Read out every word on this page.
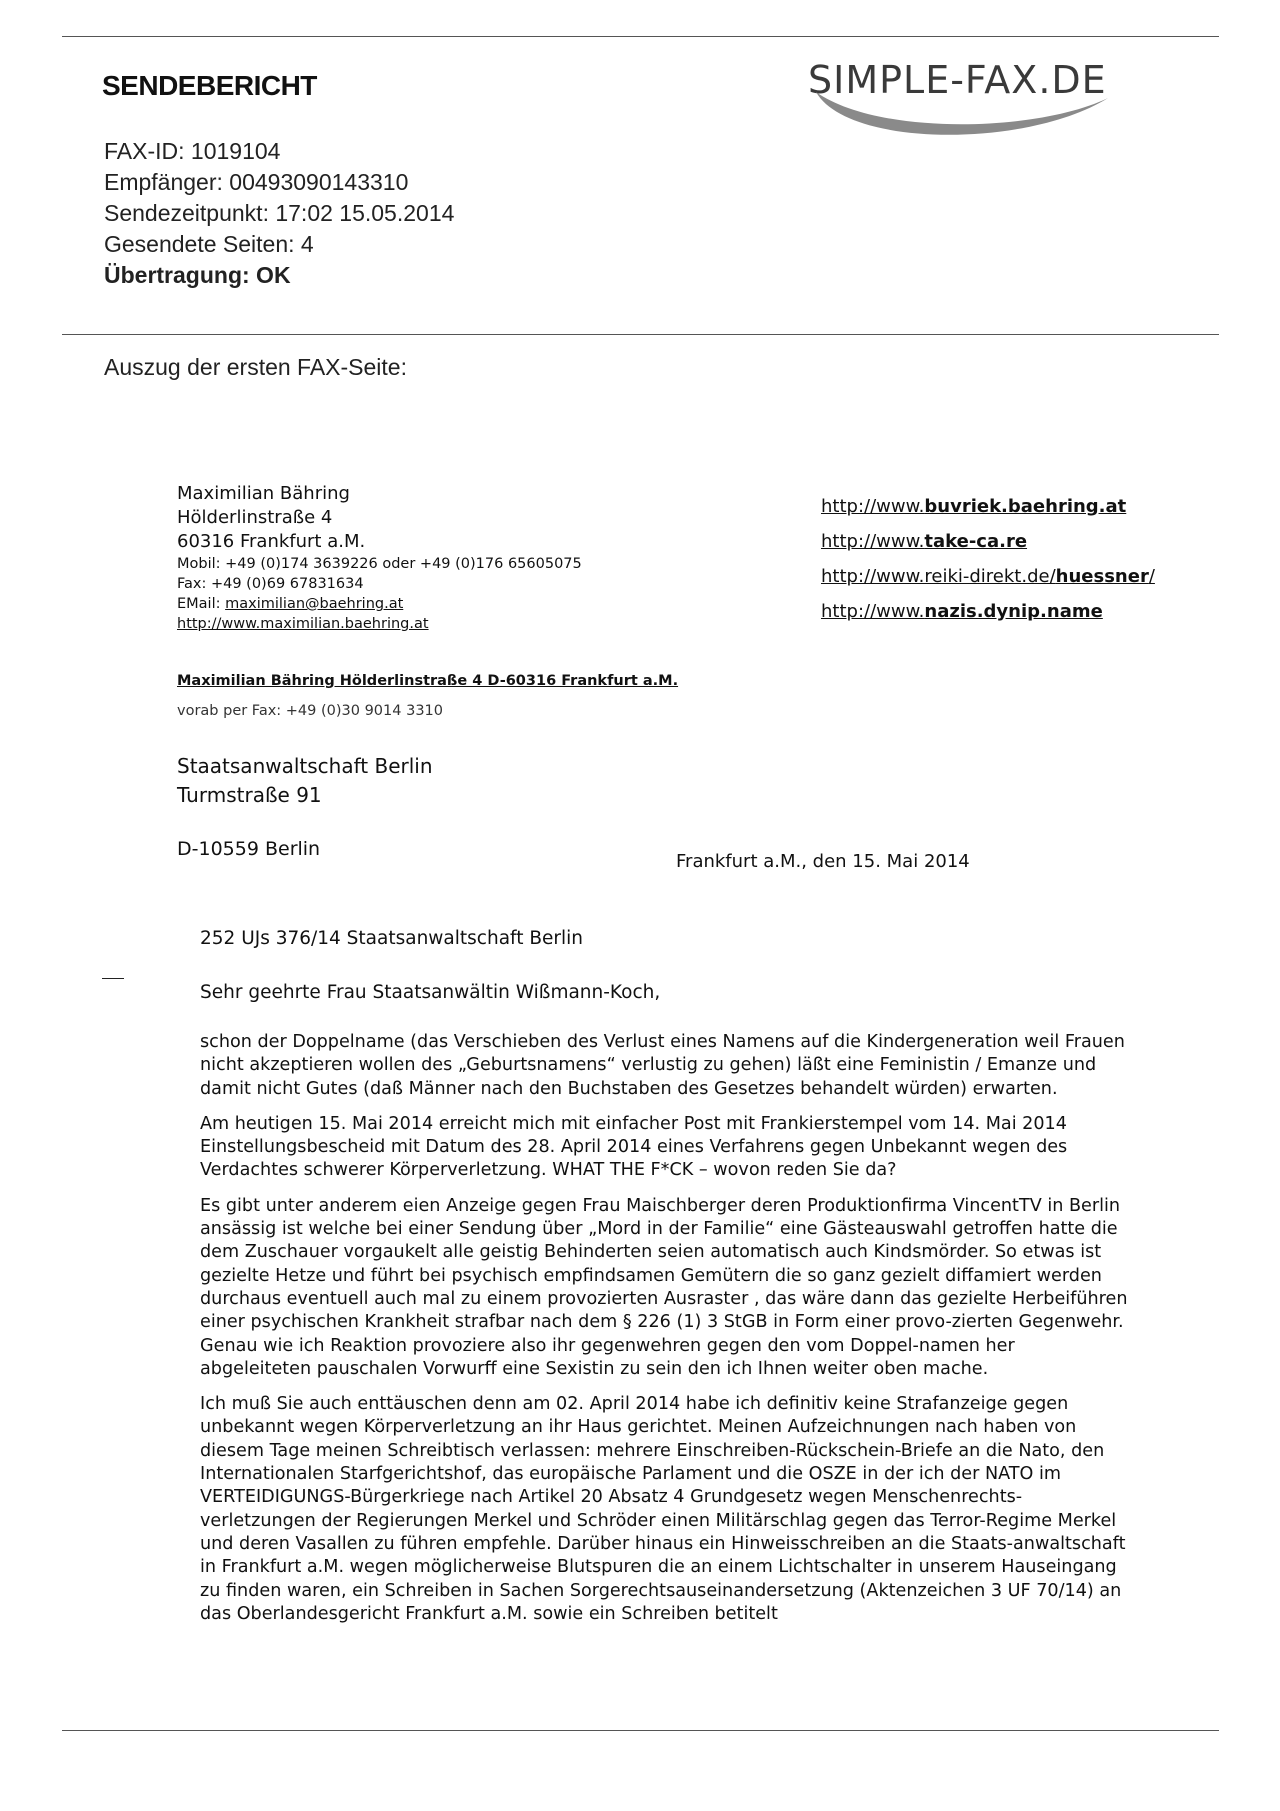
SENDEBERICHT	SIMPLE-FAX.DE
FAX-ID: 1019104
Empfänger: 00493090143310
Sendezeitpunkt: 17:02 15.05.2014
Gesendete Seiten: 4
Übertragung: OK
Auszug der ersten FAX-Seite:
Maximilian Bähring
Hölderlinstraße 4
60316 Frankfurt a.M.
Mobil: +49 (0)174 3639226 oder +49 (0)176 65605075
Fax: +49 (0)69 67831634
EMail: maximilian@baehring.at
http://www.maximilian.baehring.at
http://www.buvriek.baehring.at
http://www.take-ca.re
http://www.reiki-direkt.de/huessner/
http://www.nazis.dynip.name
Maximilian Bähring Hölderlinstraße 4 D-60316 Frankfurt a.M.
vorab per Fax: +49 (0)30 9014 3310
Staatsanwaltschaft Berlin
Turmstraße 91
D-10559 Berlin
Frankfurt a.M., den 15. Mai 2014
252 UJs 376/14 Staatsanwaltschaft Berlin
Sehr geehrte Frau Staatsanwältin Wißmann-Koch,

schon der Doppelname (das Verschieben des Verlust eines Namens auf die Kindergeneration weil Frauen nicht akzeptieren wollen des „Geburtsnamens“ verlustig zu gehen) läßt eine Feministin / Emanze und damit nicht Gutes (daß Männer nach den Buchstaben des Gesetzes behandelt würden) erwarten.

Am heutigen 15. Mai 2014 erreicht mich mit einfacher Post mit Frankierstempel vom 14. Mai 2014 Einstellungsbescheid mit Datum des 28. April 2014 eines Verfahrens gegen Unbekannt wegen des Verdachtes schwerer Körperverletzung. WHAT THE F*CK – wovon reden Sie da?

Es gibt unter anderem eien Anzeige gegen Frau Maischberger deren Produktionfirma VincentTV in Berlin ansässig ist welche bei einer Sendung über „Mord in der Familie“ eine Gästeauswahl getroffen hatte die dem Zuschauer vorgaukelt alle geistig Behinderten seien automatisch auch Kindsmörder. So etwas ist gezielte Hetze und führt bei psychisch empfindsamen Gemütern die so ganz gezielt diffamiert werden durchaus eventuell auch mal zu einem provozierten Ausraster , das wäre dann das gezielte Herbeiführen einer psychischen Krankheit strafbar nach dem § 226 (1) 3 StGB in Form einer provo-zierten Gegenwehr. Genau wie ich Reaktion provoziere also ihr gegenwehren gegen den vom Doppel-namen her abgeleiteten pauschalen Vorwurff eine Sexistin zu sein den ich Ihnen weiter oben mache.

Ich muß Sie auch enttäuschen denn am 02. April 2014 habe ich definitiv keine Strafanzeige gegen unbekannt wegen Körperverletzung an ihr Haus gerichtet. Meinen Aufzeichnungen nach haben von diesem Tage meinen Schreibtisch verlassen: mehrere Einschreiben-Rückschein-Briefe an die Nato, den Internationalen Starfgerichtshof, das europäische Parlament und die OSZE in der ich der NATO im VERTEIDIGUNGS-Bürgerkriege nach Artikel 20 Absatz 4 Grundgesetz wegen Menschenrechts-verletzungen der Regierungen Merkel und Schröder einen Militärschlag gegen das Terror-Regime Merkel und deren Vasallen zu führen empfehle. Darüber hinaus ein Hinweisschreiben an die Staats-anwaltschaft in Frankfurt a.M. wegen möglicherweise Blutspuren die an einem Lichtschalter in unserem Hauseingang zu finden waren, ein Schreiben in Sachen Sorgerechtsauseinandersetzung (Aktenzeichen 3 UF 70/14) an das Oberlandesgericht Frankfurt a.M. sowie ein Schreiben betitelt
